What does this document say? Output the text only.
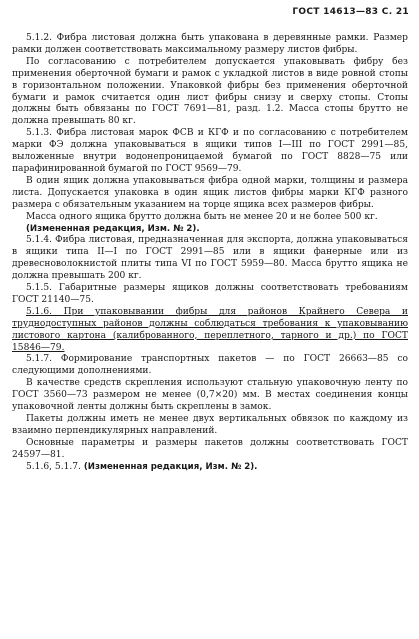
ГОСТ 14613—83 С. 21

5.1.2. Фибра листовая должна быть упакована в деревянные рамки. Размер рамки должен соответствовать максимальному размеру листов фибры.

По согласованию с потребителем допускается упаковывать фибру без применения оберточной бумаги и рамок с укладкой листов в виде ровной стопы в горизонтальном положении. Упаковкой фибры без применения оберточной бумаги и рамок считается один лист фибры снизу и сверху стопы. Стопы должны быть обвязаны по ГОСТ 7691—81, разд. 1.2. Масса стопы брутто не должна превышать 80 кг.

5.1.3. Фибра листовая марок ФСВ и КГФ и по согласованию с потребителем марки ФЭ должна упаковываться в ящики типов I—III по ГОСТ 2991—85, выложенные внутри водонепроницаемой бумагой по ГОСТ 8828—75 или парафинированной бумагой по ГОСТ 9569—79.

В один ящик должна упаковываться фибра одной марки, толщины и размера листа. Допускается упаковка в один ящик листов фибры марки КГФ разного размера с обязательным указанием на торце ящика всех размеров фибры.

Масса одного ящика брутто должна быть не менее 20 и не более 500 кг.

(Измененная редакция, Изм. № 2).

5.1.4. Фибра листовая, предназначенная для экспорта, должна упаковываться в ящики типа II—I по ГОСТ 2991—85 или в ящики фанерные или из древесноволокнистой плиты типа VI по ГОСТ 5959—80. Масса брутто ящика не должна превышать 200 кг.

5.1.5. Габаритные размеры ящиков должны соответствовать требованиям ГОСТ 21140—75.

5.1.6. При упаковывании фибры для районов Крайнего Севера и труднодоступных районов должны соблюдаться требования к упаковыванию листового картона (калиброванного, переплетного, тарного и др.) по ГОСТ 15846—79.

5.1.7. Формирование транспортных пакетов — по ГОСТ 26663—85 со следующими дополнениями.

В качестве средств скрепления используют стальную упаковочную ленту по ГОСТ 3560—73 размером не менее (0,7×20) мм. В местах соединения концы упаковочной ленты должны быть скреплены в замок.

Пакеты должны иметь не менее двух вертикальных обвязок по каждому из взаимно перпендикулярных направлений.

Основные параметры и размеры пакетов должны соответствовать ГОСТ 24597—81.

5.1.6, 5.1.7. (Измененная редакция, Изм. № 2).
